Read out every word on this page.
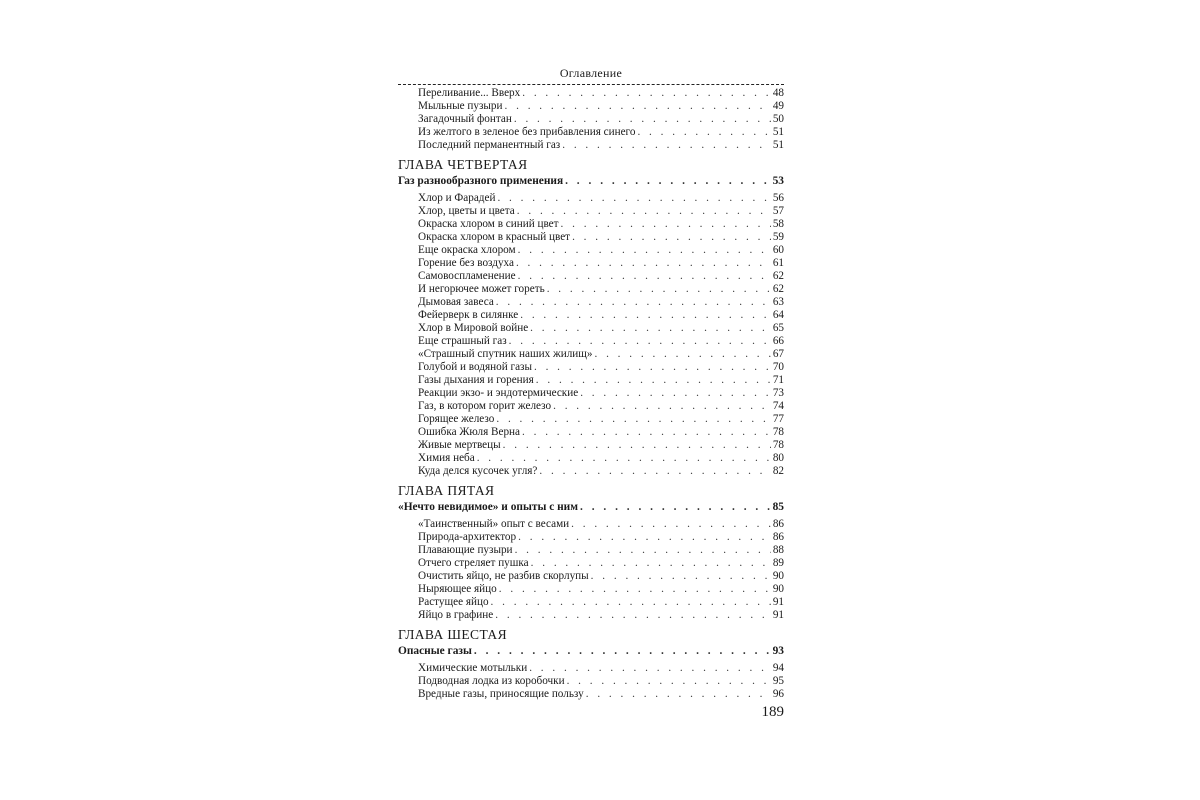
Оглавление
Переливание... Вверх . . .	48
Мыльные пузыри . . .	49
Загадочный фонтан . . .	50
Из желтого в зеленое без прибавления синего . . .	51
Последний перманентный газ . . .	51
ГЛАВА ЧЕТВЕРТАЯ
Газ разнообразного применения . . .	53
Хлор и Фарадей . . .	56
Хлор, цветы и цвета . . .	57
Окраска хлором в синий цвет . . .	58
Окраска хлором в красный цвет . . .	59
Еще окраска хлором . . .	60
Горение без воздуха . . .	61
Самовоспламенение . . .	62
И негорючее может гореть . . .	62
Дымовая завеса . . .	63
Фейерверк в силянке . . .	64
Хлор в Мировой войне . . .	65
Еще страшный газ . . .	66
«Страшный спутник наших жилищ» . . .	67
Голубой и водяной газы . . .	70
Газы дыхания и горения . . .	71
Реакции экзо- и эндотермические . . .	73
Газ, в котором горит железо . . .	74
Горящее железо . . .	77
Ошибка Жюля Верна . . .	78
Живые мертвецы . . .	78
Химия неба . . .	80
Куда делся кусочек угля? . . .	82
ГЛАВА ПЯТАЯ
«Нечто невидимое» и опыты с ним . . .	85
«Таинственный» опыт с весами . . .	86
Природа-архитектор . . .	86
Плавающие пузыри . . .	88
Отчего стреляет пушка . . .	89
Очистить яйцо, не разбив скорлупы . . .	90
Ныряющее яйцо . . .	90
Растущее яйцо . . .	91
Яйцо в графине . . .	91
ГЛАВА ШЕСТАЯ
Опасные газы . . .	93
Химические мотыльки . . .	94
Подводная лодка из коробочки . . .	95
Вредные газы, приносящие пользу . . .	96
189
